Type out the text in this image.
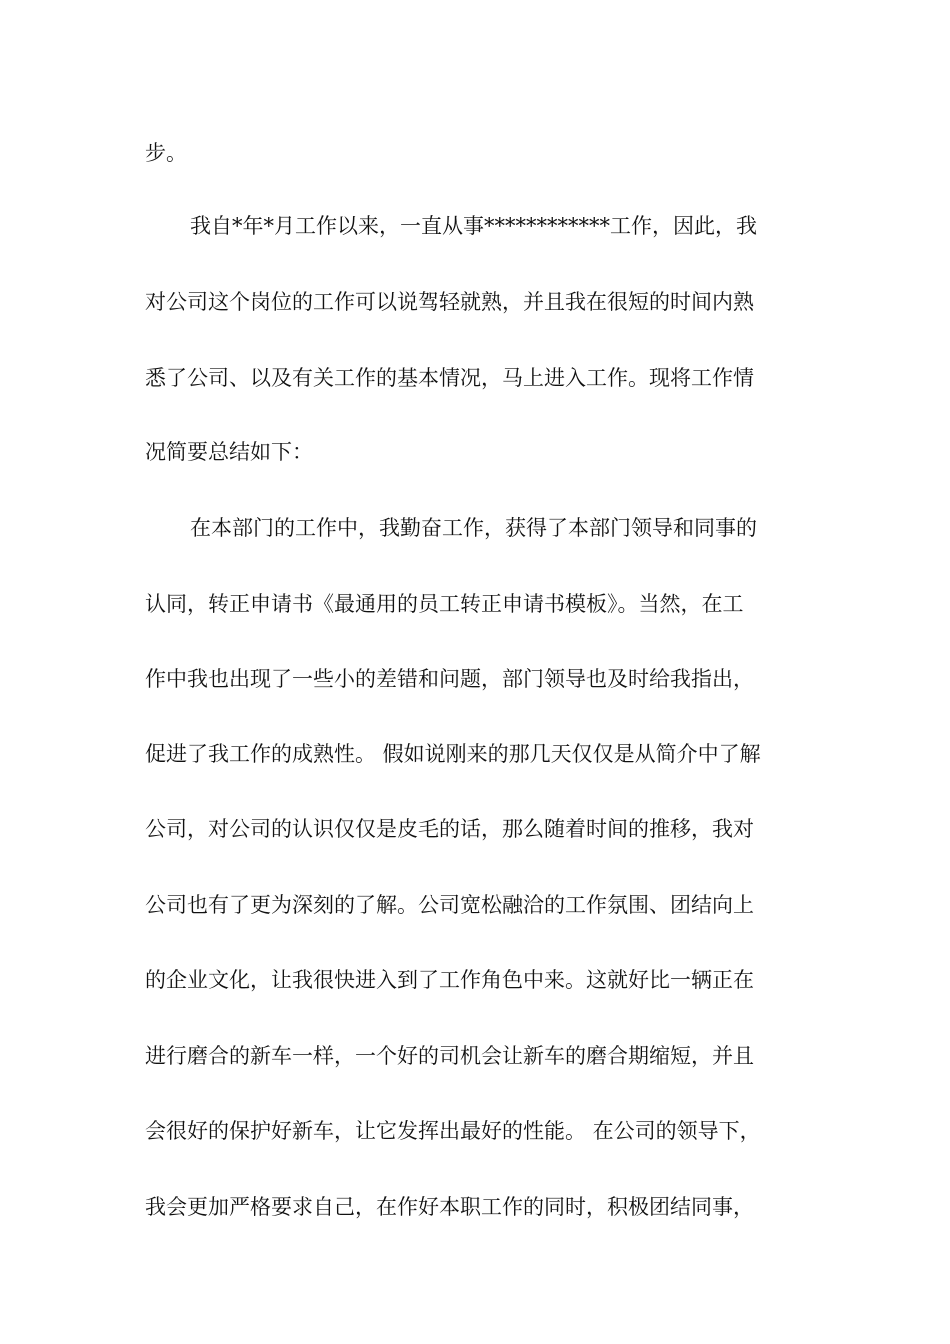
步。
我自*年*月工作以来，一直从事************工作，因此，我
对公司这个岗位的工作可以说驾轻就熟，并且我在很短的时间内熟
悉了公司、以及有关工作的基本情况，马上进入工作。现将工作情
况简要总结如下：
在本部门的工作中，我勤奋工作，获得了本部门领导和同事的
认同，转正申请书《最通用的员工转正申请书模板》。当然，在工
作中我也出现了一些小的差错和问题，部门领导也及时给我指出，
促进了我工作的成熟性。 假如说刚来的那几天仅仅是从简介中了解
公司，对公司的认识仅仅是皮毛的话，那么随着时间的推移，我对
公司也有了更为深刻的了解。公司宽松融洽的工作氛围、团结向上
的企业文化，让我很快进入到了工作角色中来。这就好比一辆正在
进行磨合的新车一样，一个好的司机会让新车的磨合期缩短，并且
会很好的保护好新车，让它发挥出最好的性能。 在公司的领导下，
我会更加严格要求自己，在作好本职工作的同时，积极团结同事，
